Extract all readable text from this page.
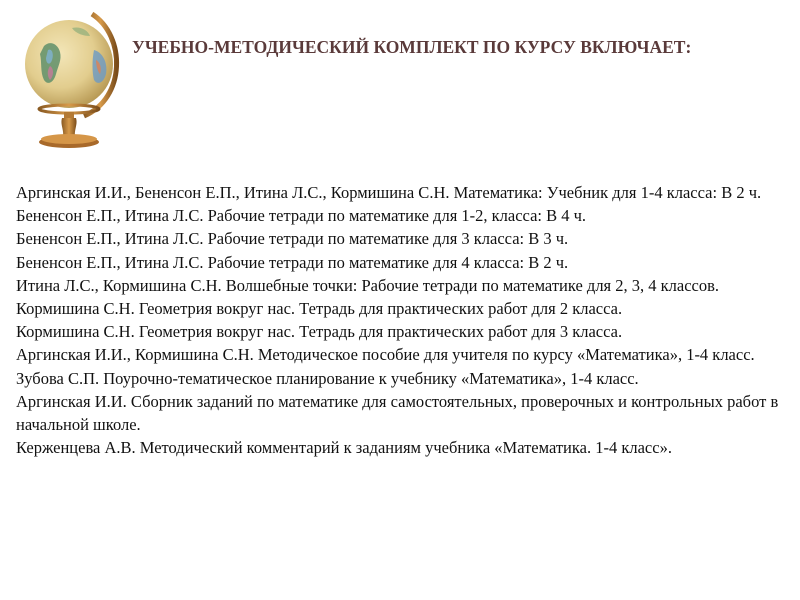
УЧЕБНО-МЕТОДИЧЕСКИЙ КОМПЛЕКТ ПО КУРСУ ВКЛЮЧАЕТ:

Аргинская И.И., Бененсон Е.П., Итина Л.С., Кормишина С.Н. Математика: Учебник для 1-4 класса: В 2 ч.

Бененсон Е.П., Итина Л.С. Рабочие тетради по математике для 1-2, класса: В 4 ч.

Бененсон Е.П., Итина Л.С. Рабочие тетради по математике для 3 класса: В 3 ч.

Бененсон Е.П., Итина Л.С. Рабочие тетради по математике для 4 класса: В 2 ч.

Итина Л.С., Кормишина С.Н. Волшебные точки: Рабочие тетради по математике для 2, 3, 4 классов.

Кормишина С.Н. Геометрия вокруг нас. Тетрадь для практических работ для 2 класса.

Кормишина С.Н. Геометрия вокруг нас. Тетрадь для практических работ для 3 класса.

Аргинская И.И., Кормишина С.Н. Методическое пособие для учителя по курсу «Математика», 1-4 класс.

Зубова С.П. Поурочно-тематическое планирование к учебнику «Математика», 1-4 класс.

Аргинская И.И. Сборник заданий по математике для самостоятельных, проверочных и контрольных работ в начальной школе.

Керженцева А.В. Методический комментарий к заданиям учебника «Математика. 1-4 класс».
